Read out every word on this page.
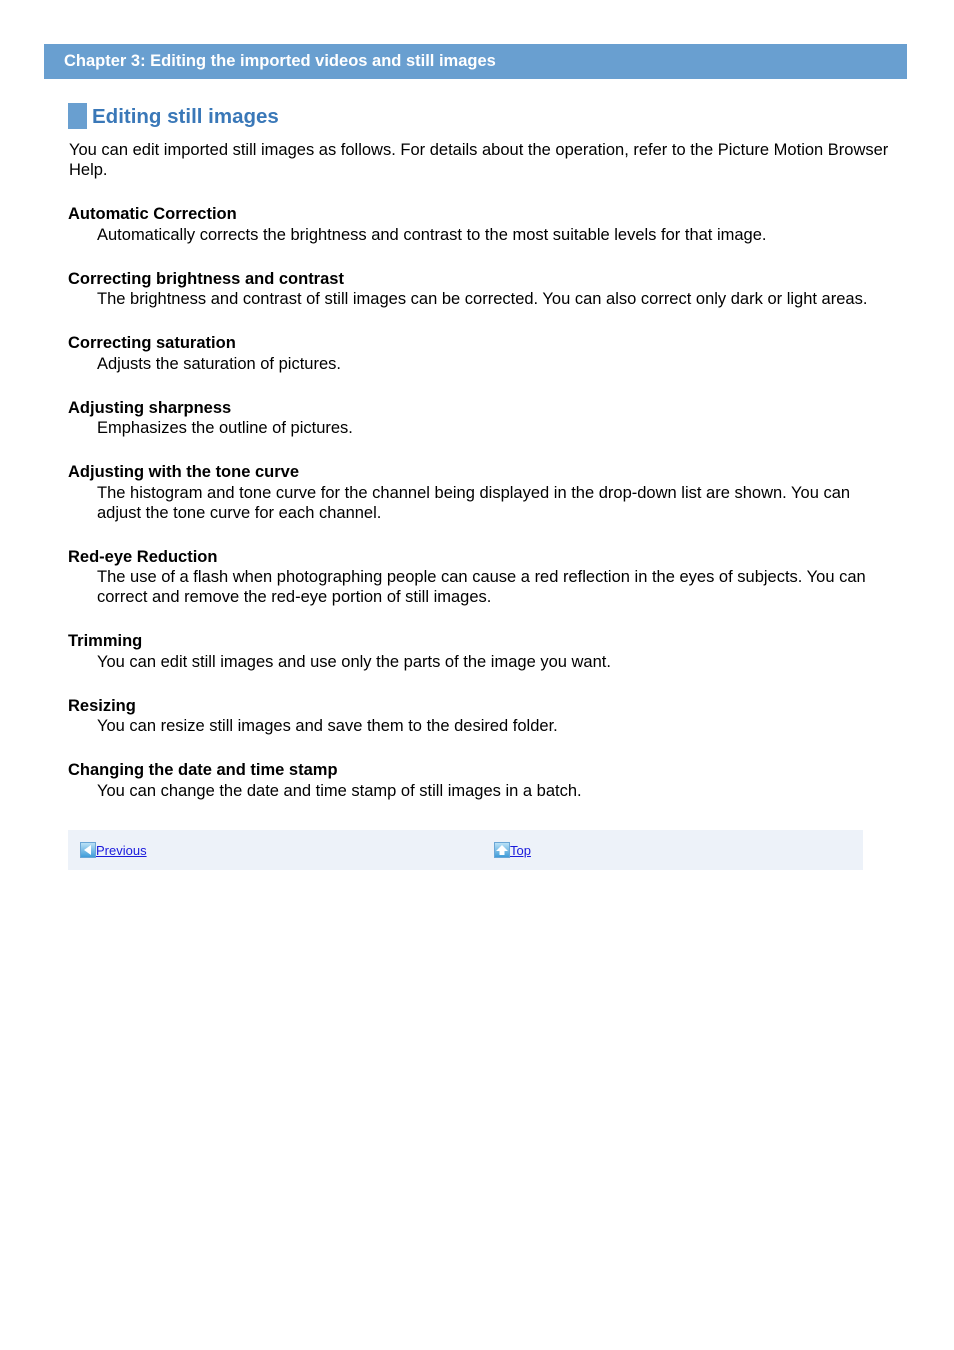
Chapter 3: Editing the imported videos and still images
Editing still images

You can edit imported still images as follows. For details about the operation, refer to the Picture Motion Browser Help.

Automatic Correction

Automatically corrects the brightness and contrast to the most suitable levels for that image.

Correcting brightness and contrast

The brightness and contrast of still images can be corrected. You can also correct only dark or light areas.

Correcting saturation

Adjusts the saturation of pictures.

Adjusting sharpness

Emphasizes the outline of pictures.

Adjusting with the tone curve

The histogram and tone curve for the channel being displayed in the drop-down list are shown. You can adjust the tone curve for each channel.

Red-eye Reduction

The use of a flash when photographing people can cause a red reflection in the eyes of subjects. You can correct and remove the red-eye portion of still images.

Trimming

You can edit still images and use only the parts of the image you want.

Resizing

You can resize still images and save them to the desired folder.

Changing the date and time stamp

You can change the date and time stamp of still images in a batch.

Previous	Top
